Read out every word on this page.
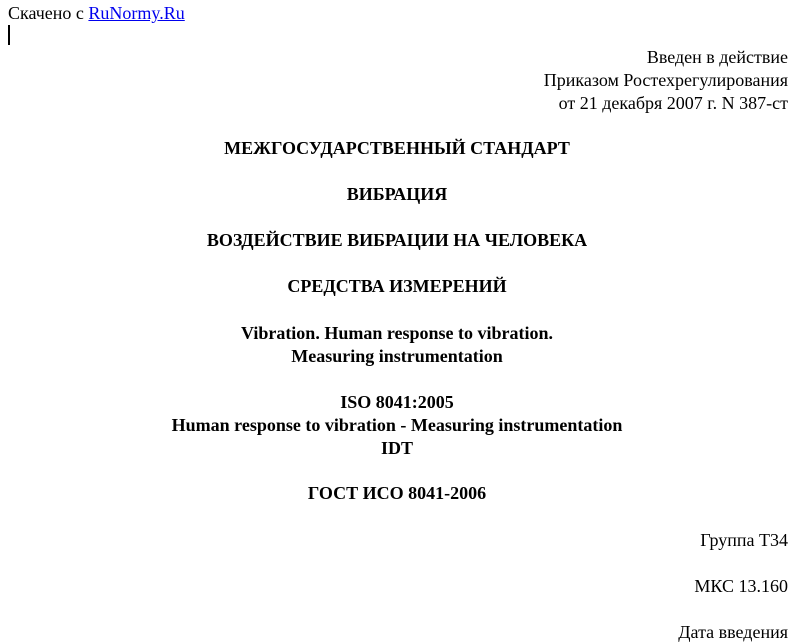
Скачено с RuNormy.Ru
Введен в действие
Приказом Ростехрегулирования
от 21 декабря 2007 г. N 387-ст
МЕЖГОСУДАРСТВЕННЫЙ СТАНДАРТ
ВИБРАЦИЯ
ВОЗДЕЙСТВИЕ ВИБРАЦИИ НА ЧЕЛОВЕКА
СРЕДСТВА ИЗМЕРЕНИЙ
Vibration. Human response to vibration.
Measuring instrumentation
ISO 8041:2005
Human response to vibration - Measuring instrumentation
IDT
ГОСТ ИСО 8041-2006
Группа Т34
МКС 13.160
Дата введения
